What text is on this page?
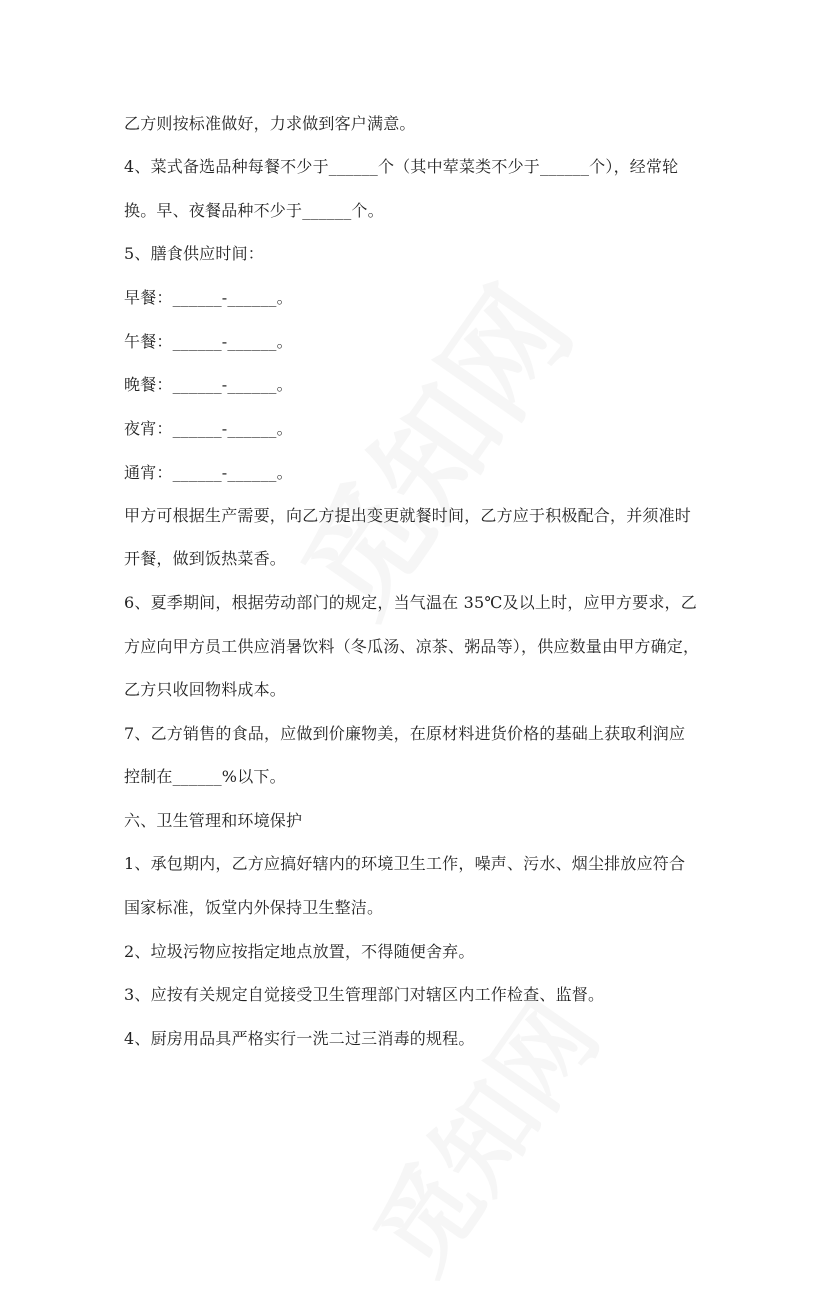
乙方则按标准做好，力求做到客户满意。
4、菜式备选品种每餐不少于______个（其中荤菜类不少于______个），经常轮
换。早、夜餐品种不少于______个。
5、膳食供应时间：
早餐：______-______。
午餐：______-______。
晚餐：______-______。
夜宵：______-______。
通宵：______-______。
甲方可根据生产需要，向乙方提出变更就餐时间，乙方应于积极配合，并须准时
开餐，做到饭热菜香。
6、夏季期间，根据劳动部门的规定，当气温在 35℃及以上时，应甲方要求，乙
方应向甲方员工供应消暑饮料（冬瓜汤、凉茶、粥品等），供应数量由甲方确定，
乙方只收回物料成本。
7、乙方销售的食品，应做到价廉物美，在原材料进货价格的基础上获取利润应
控制在______%以下。
六、卫生管理和环境保护
1、承包期内，乙方应搞好辖内的环境卫生工作，噪声、污水、烟尘排放应符合
国家标准，饭堂内外保持卫生整洁。
2、垃圾污物应按指定地点放置，不得随便舍弃。
3、应按有关规定自觉接受卫生管理部门对辖区内工作检查、监督。
4、厨房用品具严格实行一洗二过三消毒的规程。
